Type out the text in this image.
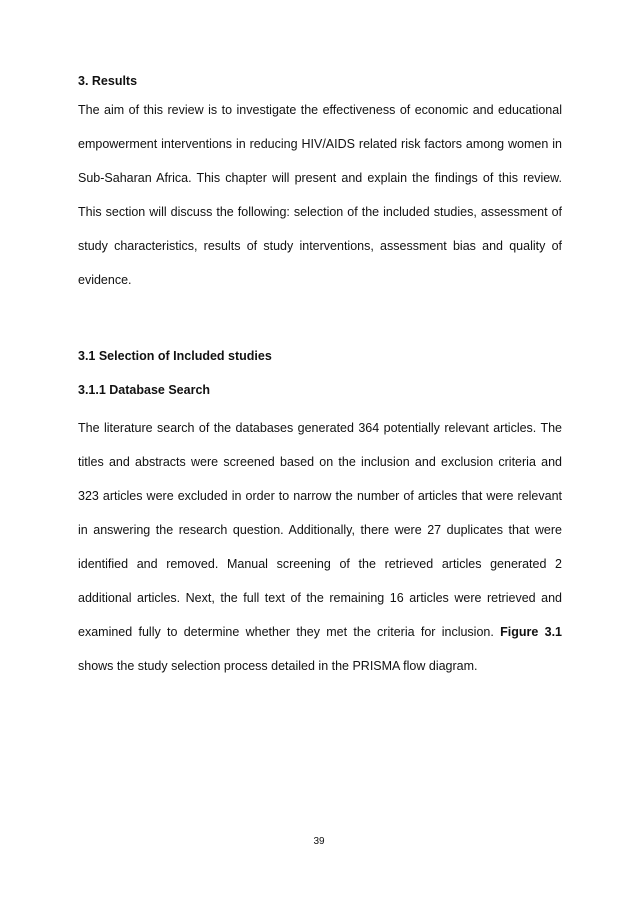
3. Results

The aim of this review is to investigate the effectiveness of economic and educational empowerment interventions in reducing HIV/AIDS related risk factors among women in Sub-Saharan Africa. This chapter will present and explain the findings of this review. This section will discuss the following: selection of the included studies, assessment of study characteristics, results of study interventions, assessment bias and quality of evidence.

3.1 Selection of Included studies

3.1.1 Database Search

The literature search of the databases generated 364 potentially relevant articles. The titles and abstracts were screened based on the inclusion and exclusion criteria and 323 articles were excluded in order to narrow the number of articles that were relevant in answering the research question. Additionally, there were 27 duplicates that were identified and removed. Manual screening of the retrieved articles generated 2 additional articles. Next, the full text of the remaining 16 articles were retrieved and examined fully to determine whether they met the criteria for inclusion. Figure 3.1 shows the study selection process detailed in the PRISMA flow diagram.

39
